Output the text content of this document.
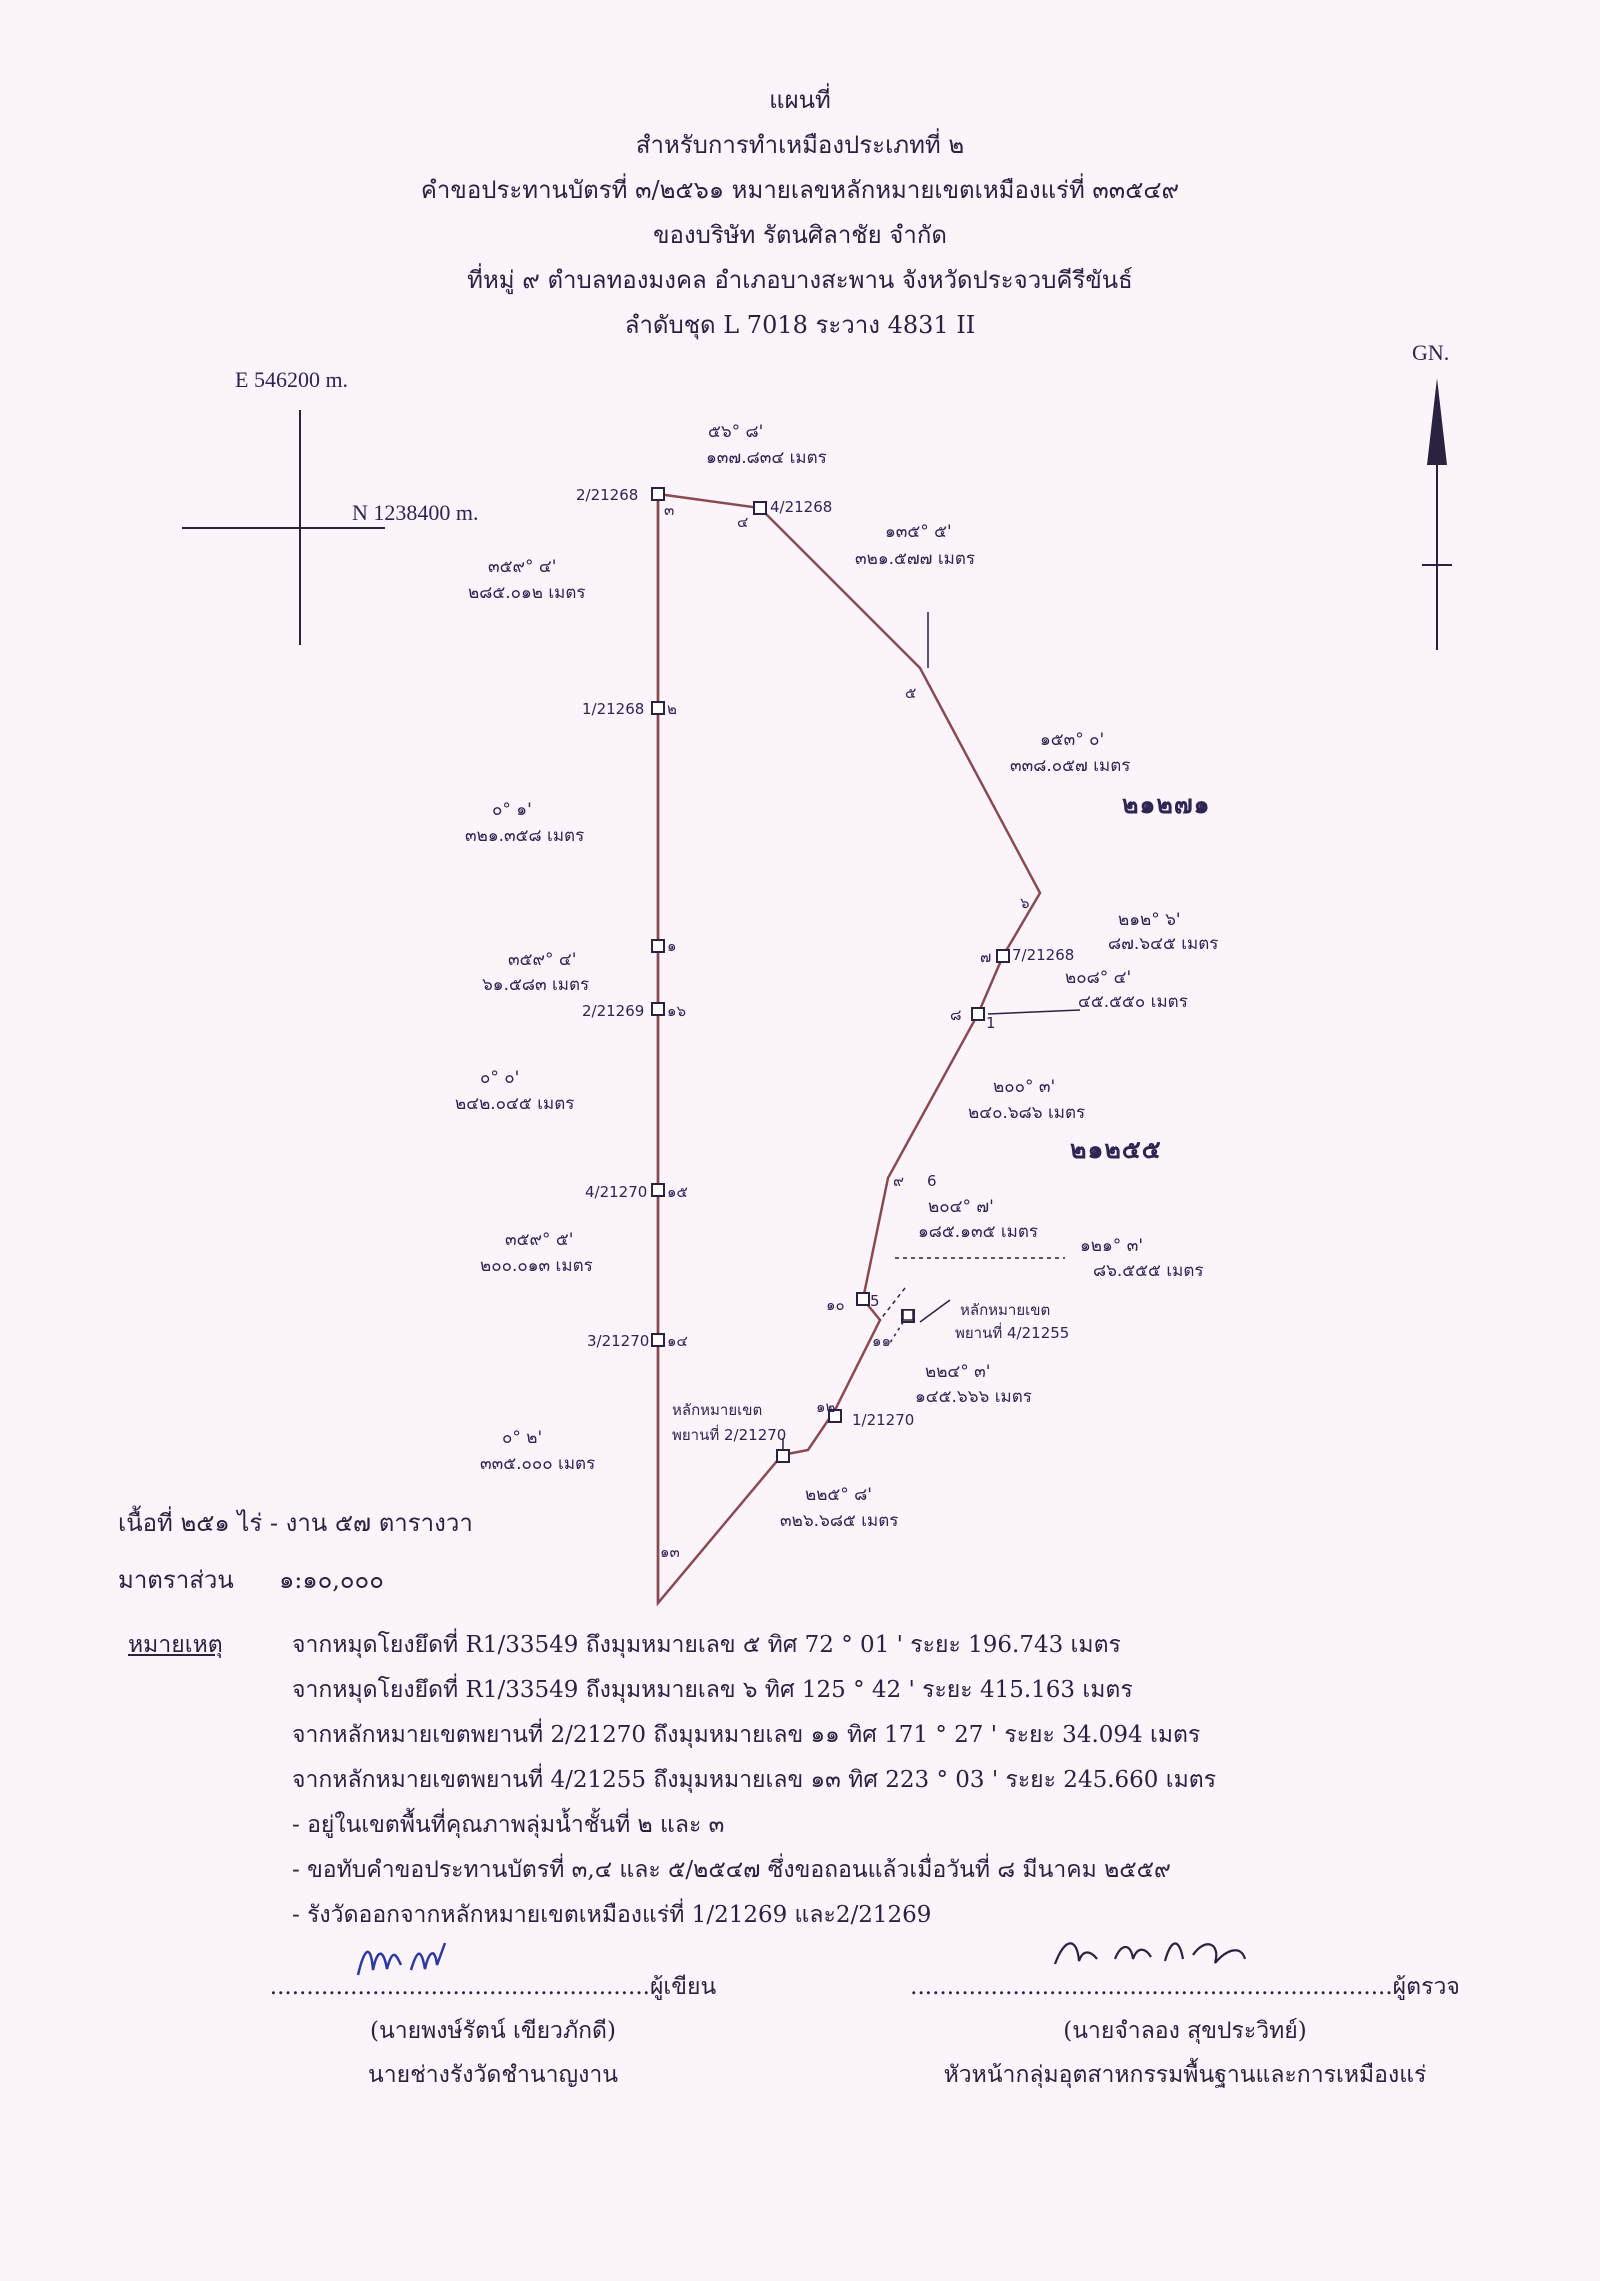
แผนที่
สำหรับการทำเหมืองประเภทที่ ๒
คำขอประทานบัตรที่ ๓/๒๕๖๑ หมายเลขหลักหมายเขตเหมืองแร่ที่ ๓๓๕๔๙
ของบริษัท รัตนศิลาชัย จำกัด
ที่หมู่ ๙ ตำบลทองมงคล อำเภอบางสะพาน จังหวัดประจวบคีรีขันธ์
ลำดับชุด L 7018 ระวาง 4831 II
E 546200 m.
N 1238400 m.
GN.
2/21268
๓	4/21268
๔
๕
๖
1/21268 ๒
๑
2/21269 ๑๖
7/21268
๗
1
๘
6
๙
4/21270 ๑๕
5
๑๐
๑๑
3/21270 ๑๔
1/21270
๑๒
๑๓
๕๖° ๘'
๑๓๗.๘๓๔ เมตร
๑๓๕° ๕'
๓๒๑.๕๗๗ เมตร
๓๕๙° ๔'
๒๘๕.๐๑๒ เมตร
๑๕๓° ๐'
๓๓๘.๐๕๗ เมตร
๐° ๑'
๓๒๑.๓๕๘ เมตร
๒๑๒° ๖'
๘๗.๖๔๕ เมตร
๓๕๙° ๔'
๖๑.๕๘๓ เมตร	๒๐๘° ๔'
๔๕.๕๕๐ เมตร
๐° ๐'
๒๔๒.๐๔๕ เมตร
๒๐๐° ๓'
๒๔๐.๖๘๖ เมตร
๒๐๔° ๗'
๑๘๕.๑๓๕ เมตร
๓๕๙° ๕'
๒๐๐.๐๑๓ เมตร
๑๒๑° ๓'
๘๖.๕๕๕ เมตร
๒๒๔° ๓'
๑๔๕.๖๖๖ เมตร
๐° ๒'
๓๓๕.๐๐๐ เมตร
๒๒๕° ๘'
๓๒๖.๖๘๕ เมตร
๒๑๒๗๑
๒๑๒๕๕
หลักหมายเขต
พยานที่ 4/21255
หลักหมายเขต
พยานที่ 2/21270
เนื้อที่ ๒๕๑ ไร่ - งาน ๕๗ ตารางวา
มาตราส่วน ๑:๑๐,๐๐๐
หมายเหตุ	จากหมุดโยงยึดที่ R1/33549 ถึงมุมหมายเลข ๕ ทิศ 72 ° 01 ' ระยะ 196.743 เมตร
จากหมุดโยงยึดที่ R1/33549 ถึงมุมหมายเลข ๖ ทิศ 125 ° 42 ' ระยะ 415.163 เมตร
จากหลักหมายเขตพยานที่ 2/21270 ถึงมุมหมายเลข ๑๑ ทิศ 171 ° 27 ' ระยะ 34.094 เมตร
จากหลักหมายเขตพยานที่ 4/21255 ถึงมุมหมายเลข ๑๓ ทิศ 223 ° 03 ' ระยะ 245.660 เมตร
- อยู่ในเขตพื้นที่คุณภาพลุ่มน้ำชั้นที่ ๒ และ ๓
- ขอทับคำขอประทานบัตรที่ ๓,๔ และ ๕/๒๕๔๗ ซึ่งขอถอนแล้วเมื่อวันที่ ๘ มีนาคม ๒๕๕๙
- รังวัดออกจากหลักหมายเขตเหมืองแร่ที่ 1/21269 และ2/21269
....................................................ผู้เขียน
(นายพงษ์รัตน์ เขียวภักดี)
นายช่างรังวัดชำนาญงาน
..................................................................ผู้ตรวจ
(นายจำลอง สุขประวิทย์)
หัวหน้ากลุ่มอุตสาหกรรมพื้นฐานและการเหมืองแร่
